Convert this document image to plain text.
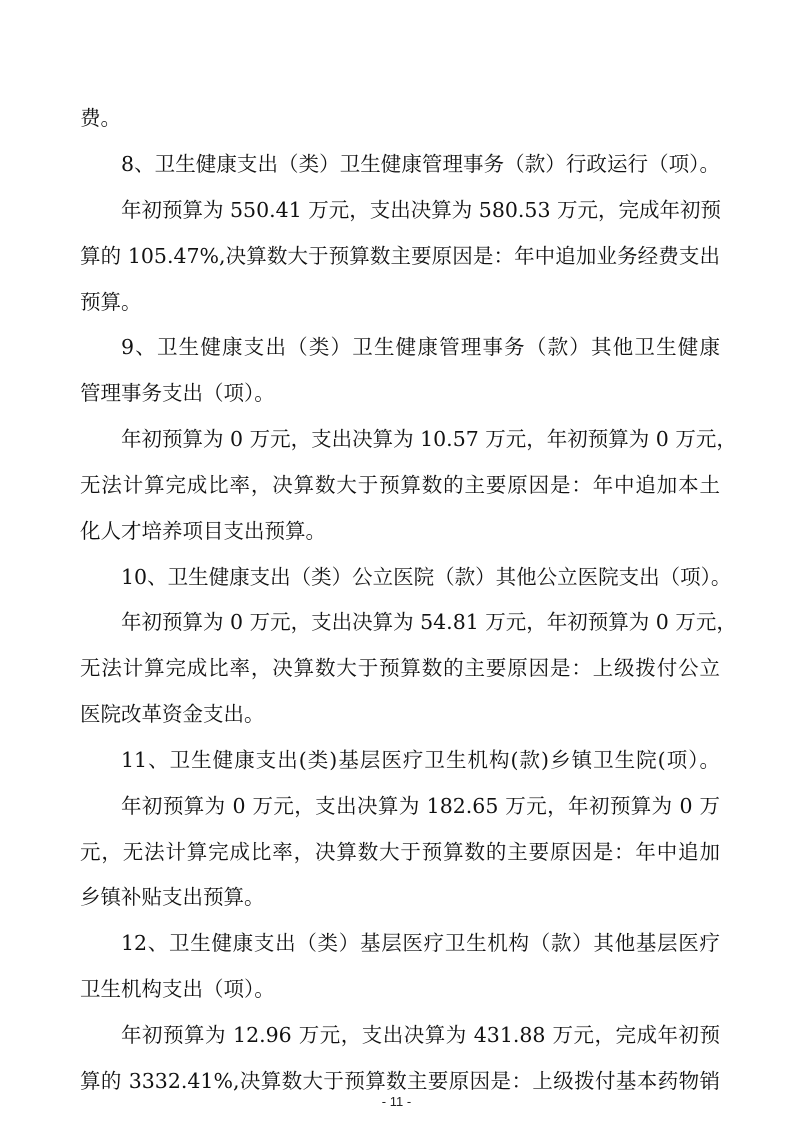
费。
8、卫生健康支出（类）卫生健康管理事务（款）行政运行（项）。
年初预算为 550.41 万元，支出决算为 580.53 万元，完成年初预
算的 105.47%,决算数大于预算数主要原因是：年中追加业务经费支出
预算。
9、卫生健康支出（类）卫生健康管理事务（款）其他卫生健康
管理事务支出（项）。
年初预算为 0 万元，支出决算为 10.57 万元，年初预算为 0 万元，
无法计算完成比率，决算数大于预算数的主要原因是：年中追加本土
化人才培养项目支出预算。
10、卫生健康支出（类）公立医院（款）其他公立医院支出（项）。
年初预算为 0 万元，支出决算为 54.81 万元，年初预算为 0 万元，
无法计算完成比率，决算数大于预算数的主要原因是：上级拨付公立
医院改革资金支出。
11、卫生健康支出(类)基层医疗卫生机构(款)乡镇卫生院(项）。
年初预算为 0 万元，支出决算为 182.65 万元，年初预算为 0 万
元，无法计算完成比率，决算数大于预算数的主要原因是：年中追加
乡镇补贴支出预算。
12、卫生健康支出（类）基层医疗卫生机构（款）其他基层医疗
卫生机构支出（项）。
年初预算为 12.96 万元，支出决算为 431.88 万元，完成年初预
算的 3332.41%,决算数大于预算数主要原因是：上级拨付基本药物销
- 11 -
